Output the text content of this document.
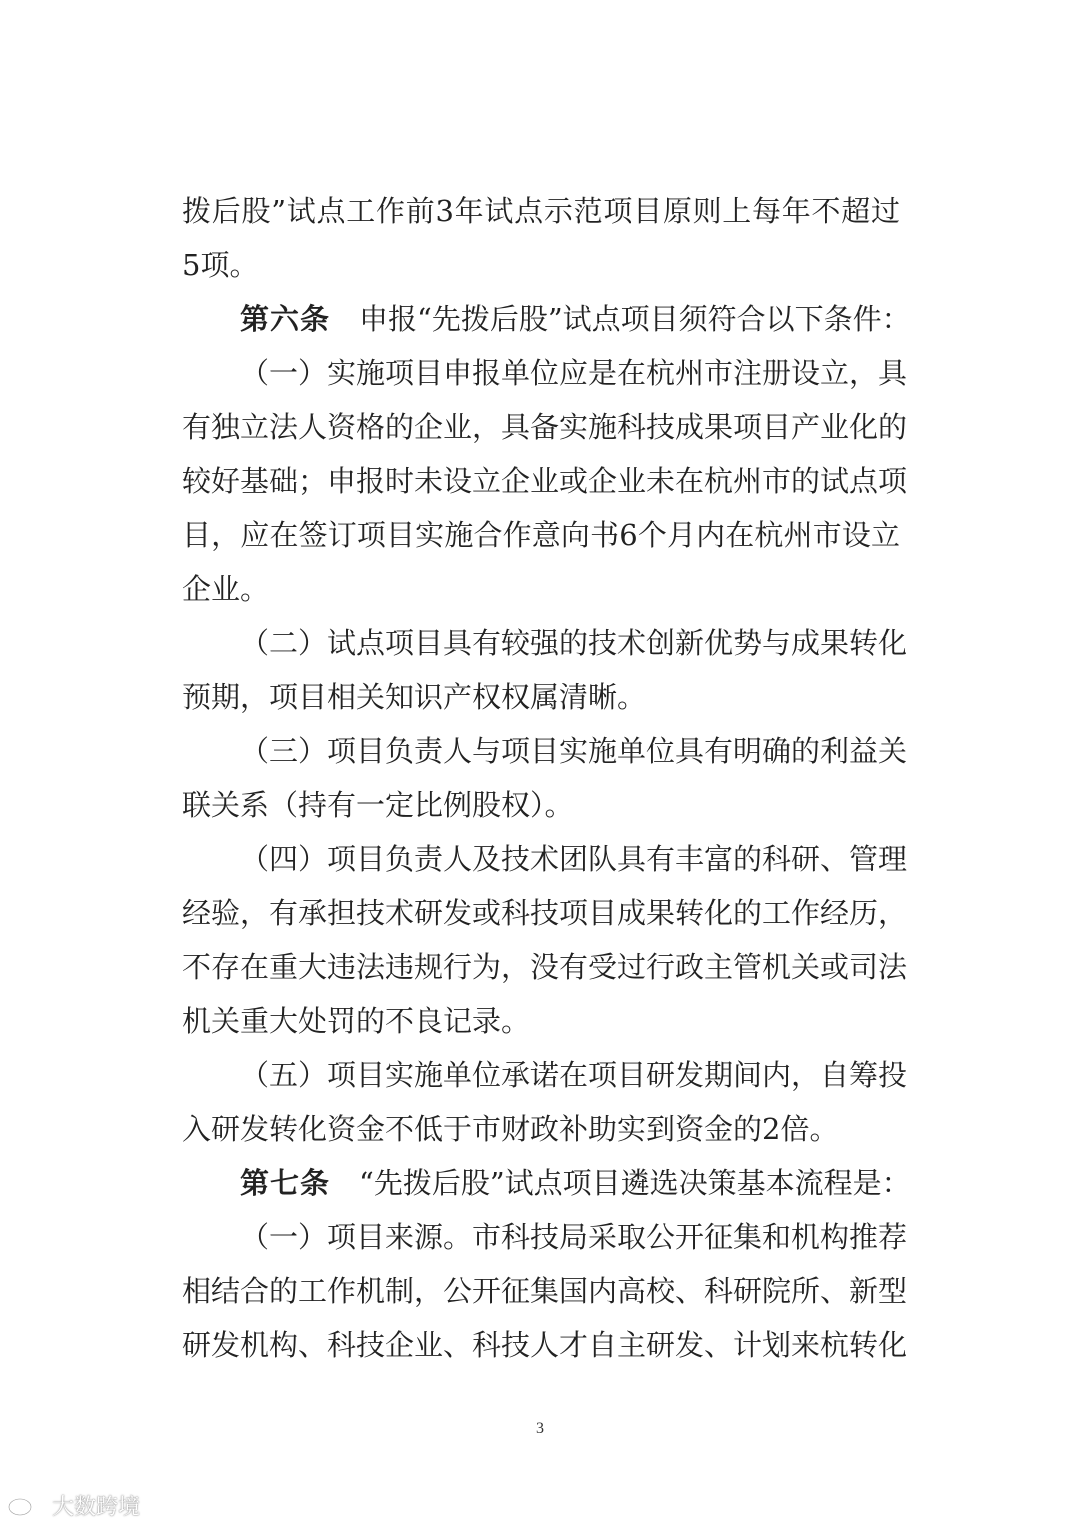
拨后股”试点工作前3年试点示范项目原则上每年不超过
5项。
第六条  申报“先拨后股”试点项目须符合以下条件：
（一）实施项目申报单位应是在杭州市注册设立，具
有独立法人资格的企业，具备实施科技成果项目产业化的
较好基础；申报时未设立企业或企业未在杭州市的试点项
目，应在签订项目实施合作意向书6个月内在杭州市设立
企业。
（二）试点项目具有较强的技术创新优势与成果转化
预期，项目相关知识产权权属清晰。
（三）项目负责人与项目实施单位具有明确的利益关
联关系（持有一定比例股权）。
（四）项目负责人及技术团队具有丰富的科研、管理
经验，有承担技术研发或科技项目成果转化的工作经历，
不存在重大违法违规行为，没有受过行政主管机关或司法
机关重大处罚的不良记录。
（五）项目实施单位承诺在项目研发期间内，自筹投
入研发转化资金不低于市财政补助实到资金的2倍。
第七条  “先拨后股”试点项目遴选决策基本流程是：
（一）项目来源。市科技局采取公开征集和机构推荐
相结合的工作机制，公开征集国内高校、科研院所、新型
研发机构、科技企业、科技人才自主研发、计划来杭转化
3
大数跨境
